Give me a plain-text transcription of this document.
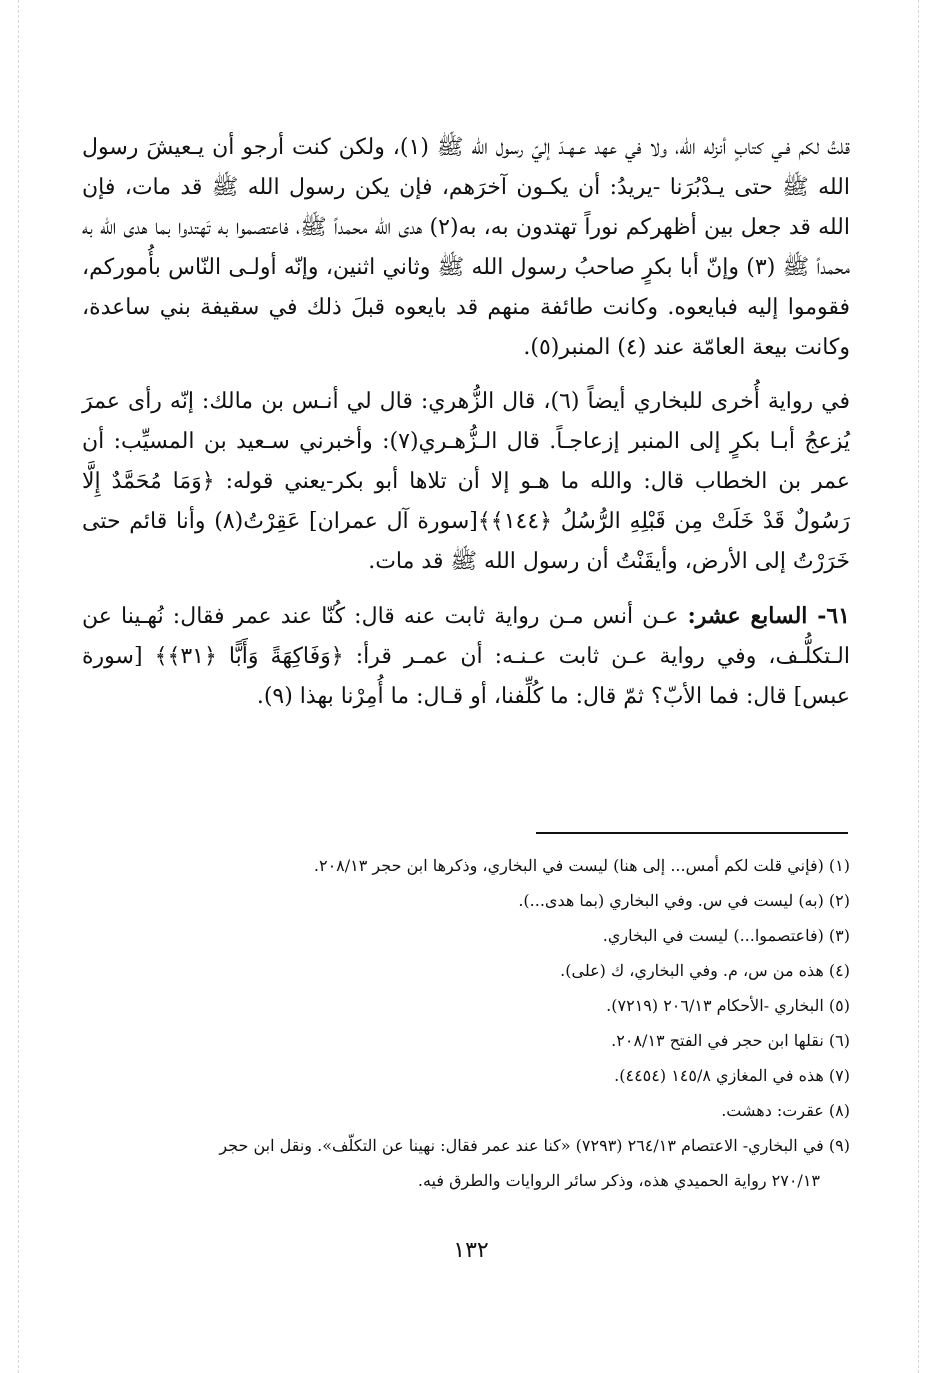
قلتُ لكم فـي كتابٍ أنزله الله، ولا في عهد عـهـدَ إليّ رسول الله ﷺ (١)، ولكن كنت أرجو أن يـعيشَ رسول الله ﷺ حتى يـدْبُرَنا -يريدُ: أن يكـون آخرَهم، فإن يكن رسول الله ﷺ قد مات، فإن الله قد جعل بين أظهركم نوراً تهتدون به، به(٢) هدى الله محمداً ﷺ، فاعتصموا به تَهتدوا بما هدى الله به محمداً ﷺ (٣) وإنّ أبا بكرٍ صاحبُ رسول الله ﷺ وثاني اثنين، وإنّه أولـى النّاس بأُموركم، فقوموا إليه فبايعوه. وكانت طائفة منهم قد بايعوه قبلَ ذلك في سقيفة بني ساعدة، وكانت بيعة العامّة عند (٤) المنبر(٥).

في رواية أُخرى للبخاري أيضاً (٦)، قال الزُّهري: قال لي أنـس بن مالك: إنّه رأى عمرَ يُزعجُ أبـا بكرٍ إلى المنبر إزعاجـاً. قال الـزُّهـري(٧): وأخبرني سـعيد بن المسيِّب: أن عمر بن الخطاب قال: والله ما هـو إلا أن تلاها أبو بكر-يعني قوله: ﴿وَمَا مُحَمَّدٌ إِلَّا رَسُولٌ قَدْ خَلَتْ مِن قَبْلِهِ الرُّسُلُ ﴿١٤٤﴾﴾[سورة آل عمران] عَقِرْتُ(٨) وأنا قائم حتى خَرَرْتُ إلى الأرض، وأيقَنْتُ أن رسول الله ﷺ قد مات.

٦١- السابع عشر: عـن أنس مـن رواية ثابت عنه قال: كُنّا عند عمر فقال: نُهـينا عن الـتكلُّـف، وفي رواية عـن ثابت عـنـه: أن عمـر قرأ: ﴿وَفَاكِهَةً وَأَبًّا ﴿٣١﴾﴾ [سورة عبس] قال: فما الأبّ؟ ثمّ قال: ما كُلِّفنا، أو قـال: ما أُمِرْنا بهذا (٩).

(١) (فإني قلت لكم أمس... إلى هنا) ليست في البخاري، وذكرها ابن حجر ٢٠٨/١٣.

(٢) (به) ليست في س. وفي البخاري (بما هدى...).

(٣) (فاعتصموا...) ليست في البخاري.

(٤) هذه من س، م. وفي البخاري، ك (على).

(٥) البخاري -الأحكام ٢٠٦/١٣ (٧٢١٩).

(٦) نقلها ابن حجر في الفتح ٢٠٨/١٣.

(٧) هذه في المغازي ١٤٥/٨ (٤٤٥٤).

(٨) عقرت: دهشت.

(٩) في البخاري- الاعتصام ٢٦٤/١٣ (٧٢٩٣) «كنا عند عمر فقال: نهينا عن التكلّف». ونقل ابن حجر

٢٧٠/١٣ رواية الحميدي هذه، وذكر سائر الروايات والطرق فيه.

١٣٢
